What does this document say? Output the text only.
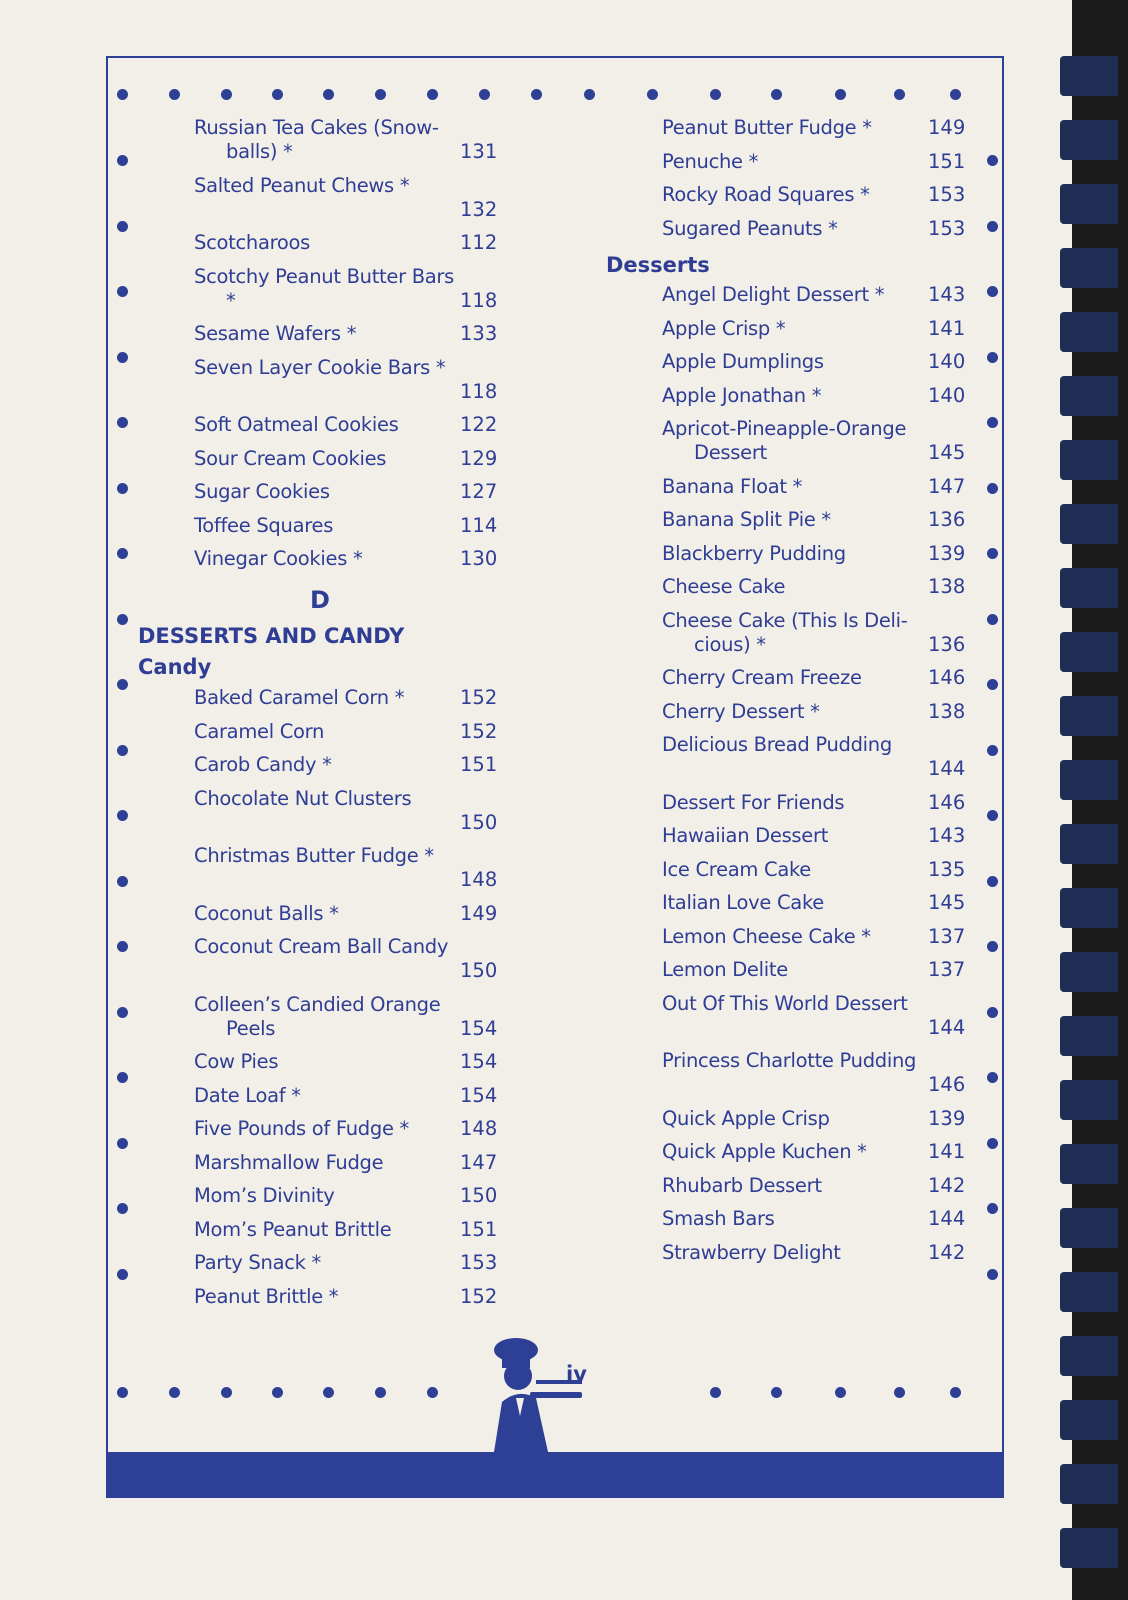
Russian Tea Cakes (Snow-
balls) *	131
Salted Peanut Chews *
132
Scotcharoos	112
Scotchy Peanut Butter Bars
*	118
Sesame Wafers *	133
Seven Layer Cookie Bars *
118
Soft Oatmeal Cookies	122
Sour Cream Cookies	129
Sugar Cookies	127
Toffee Squares	114
Vinegar Cookies *	130
Baked Caramel Corn *	152
Caramel Corn	152
Carob Candy *	151
Chocolate Nut Clusters
150
Christmas Butter Fudge *
148
Coconut Balls *	149
Coconut Cream Ball Candy
150
Colleen’s Candied Orange
Peels	154
Cow Pies	154
Date Loaf *	154
Five Pounds of Fudge *	148
Marshmallow Fudge	147
Mom’s Divinity	150
Mom’s Peanut Brittle	151
Party Snack *	153
Peanut Brittle *	152
Peanut Butter Fudge *	149
Penuche *	151
Rocky Road Squares *	153
Sugared Peanuts *	153
Angel Delight Dessert * 143
Apple Crisp *	141
Apple Dumplings	140
Apple Jonathan *	140
Apricot-Pineapple-Orange
Dessert	145
Banana Float *	147
Banana Split Pie *	136
Blackberry Pudding	139
Cheese Cake	138
Cheese Cake (This Is Deli-
cious) *	136
Cherry Cream Freeze	146
Cherry Dessert *	138
Delicious Bread Pudding
144
Dessert For Friends	146
Hawaiian Dessert	143
Ice Cream Cake	135
Italian Love Cake	145
Lemon Cheese Cake *	137
Lemon Delite	137
Out Of This World Dessert
144
Princess Charlotte Pudding
146
Quick Apple Crisp	139
Quick Apple Kuchen *	141
Rhubarb Dessert	142
Smash Bars	144
Strawberry Delight	142
D
DESSERTS AND CANDY
Candy
Desserts
iv
